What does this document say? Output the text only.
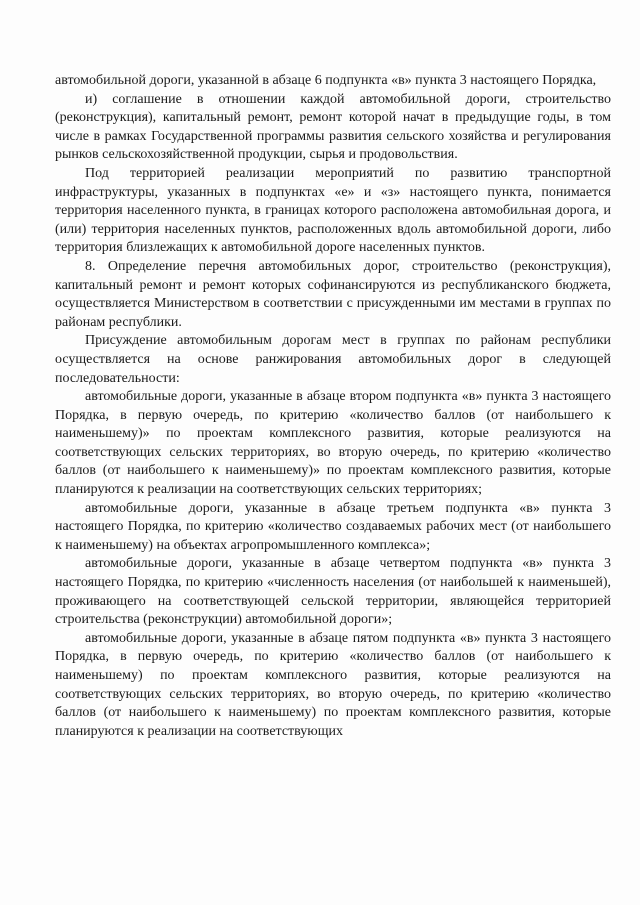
автомобильной дороги, указанной в абзаце 6 подпункта «в» пункта 3 настоящего Порядка,

и) соглашение в отношении каждой автомобильной дороги, строительство (реконструкция), капитальный ремонт, ремонт которой начат в предыдущие годы, в том числе в рамках Государственной программы развития сельского хозяйства и регулирования рынков сельскохозяйственной продукции, сырья и продовольствия.

Под территорией реализации мероприятий по развитию транспортной инфраструктуры, указанных в подпунктах «е» и «з» настоящего пункта, понимается территория населенного пункта, в границах которого расположена автомобильная дорога, и (или) территория населенных пунктов, расположенных вдоль автомобильной дороги, либо территория близлежащих к автомобильной дороге населенных пунктов.

8. Определение перечня автомобильных дорог, строительство (реконструкция), капитальный ремонт и ремонт которых софинансируются из республиканского бюджета, осуществляется Министерством в соответствии с присужденными им местами в группах по районам республики.

Присуждение автомобильным дорогам мест в группах по районам республики осуществляется на основе ранжирования автомобильных дорог в следующей последовательности:

автомобильные дороги, указанные в абзаце втором подпункта «в» пункта 3 настоящего Порядка, в первую очередь, по критерию «количество баллов (от наибольшего к наименьшему)» по проектам комплексного развития, которые реализуются на соответствующих сельских территориях, во вторую очередь, по критерию «количество баллов (от наибольшего к наименьшему)» по проектам комплексного развития, которые планируются к реализации на соответствующих сельских территориях;

автомобильные дороги, указанные в абзаце третьем подпункта «в» пункта 3 настоящего Порядка, по критерию «количество создаваемых рабочих мест (от наибольшего к наименьшему) на объектах агропромышленного комплекса»;

автомобильные дороги, указанные в абзаце четвертом подпункта «в» пункта 3 настоящего Порядка, по критерию «численность населения (от наибольшей к наименьшей), проживающего на соответствующей сельской территории, являющейся территорией строительства (реконструкции) автомобильной дороги»;

автомобильные дороги, указанные в абзаце пятом подпункта «в» пункта 3 настоящего Порядка, в первую очередь, по критерию «количество баллов (от наибольшего к наименьшему) по проектам комплексного развития, которые реализуются на соответствующих сельских территориях, во вторую очередь, по критерию «количество баллов (от наибольшего к наименьшему) по проектам комплексного развития, которые планируются к реализации на соответствующих
